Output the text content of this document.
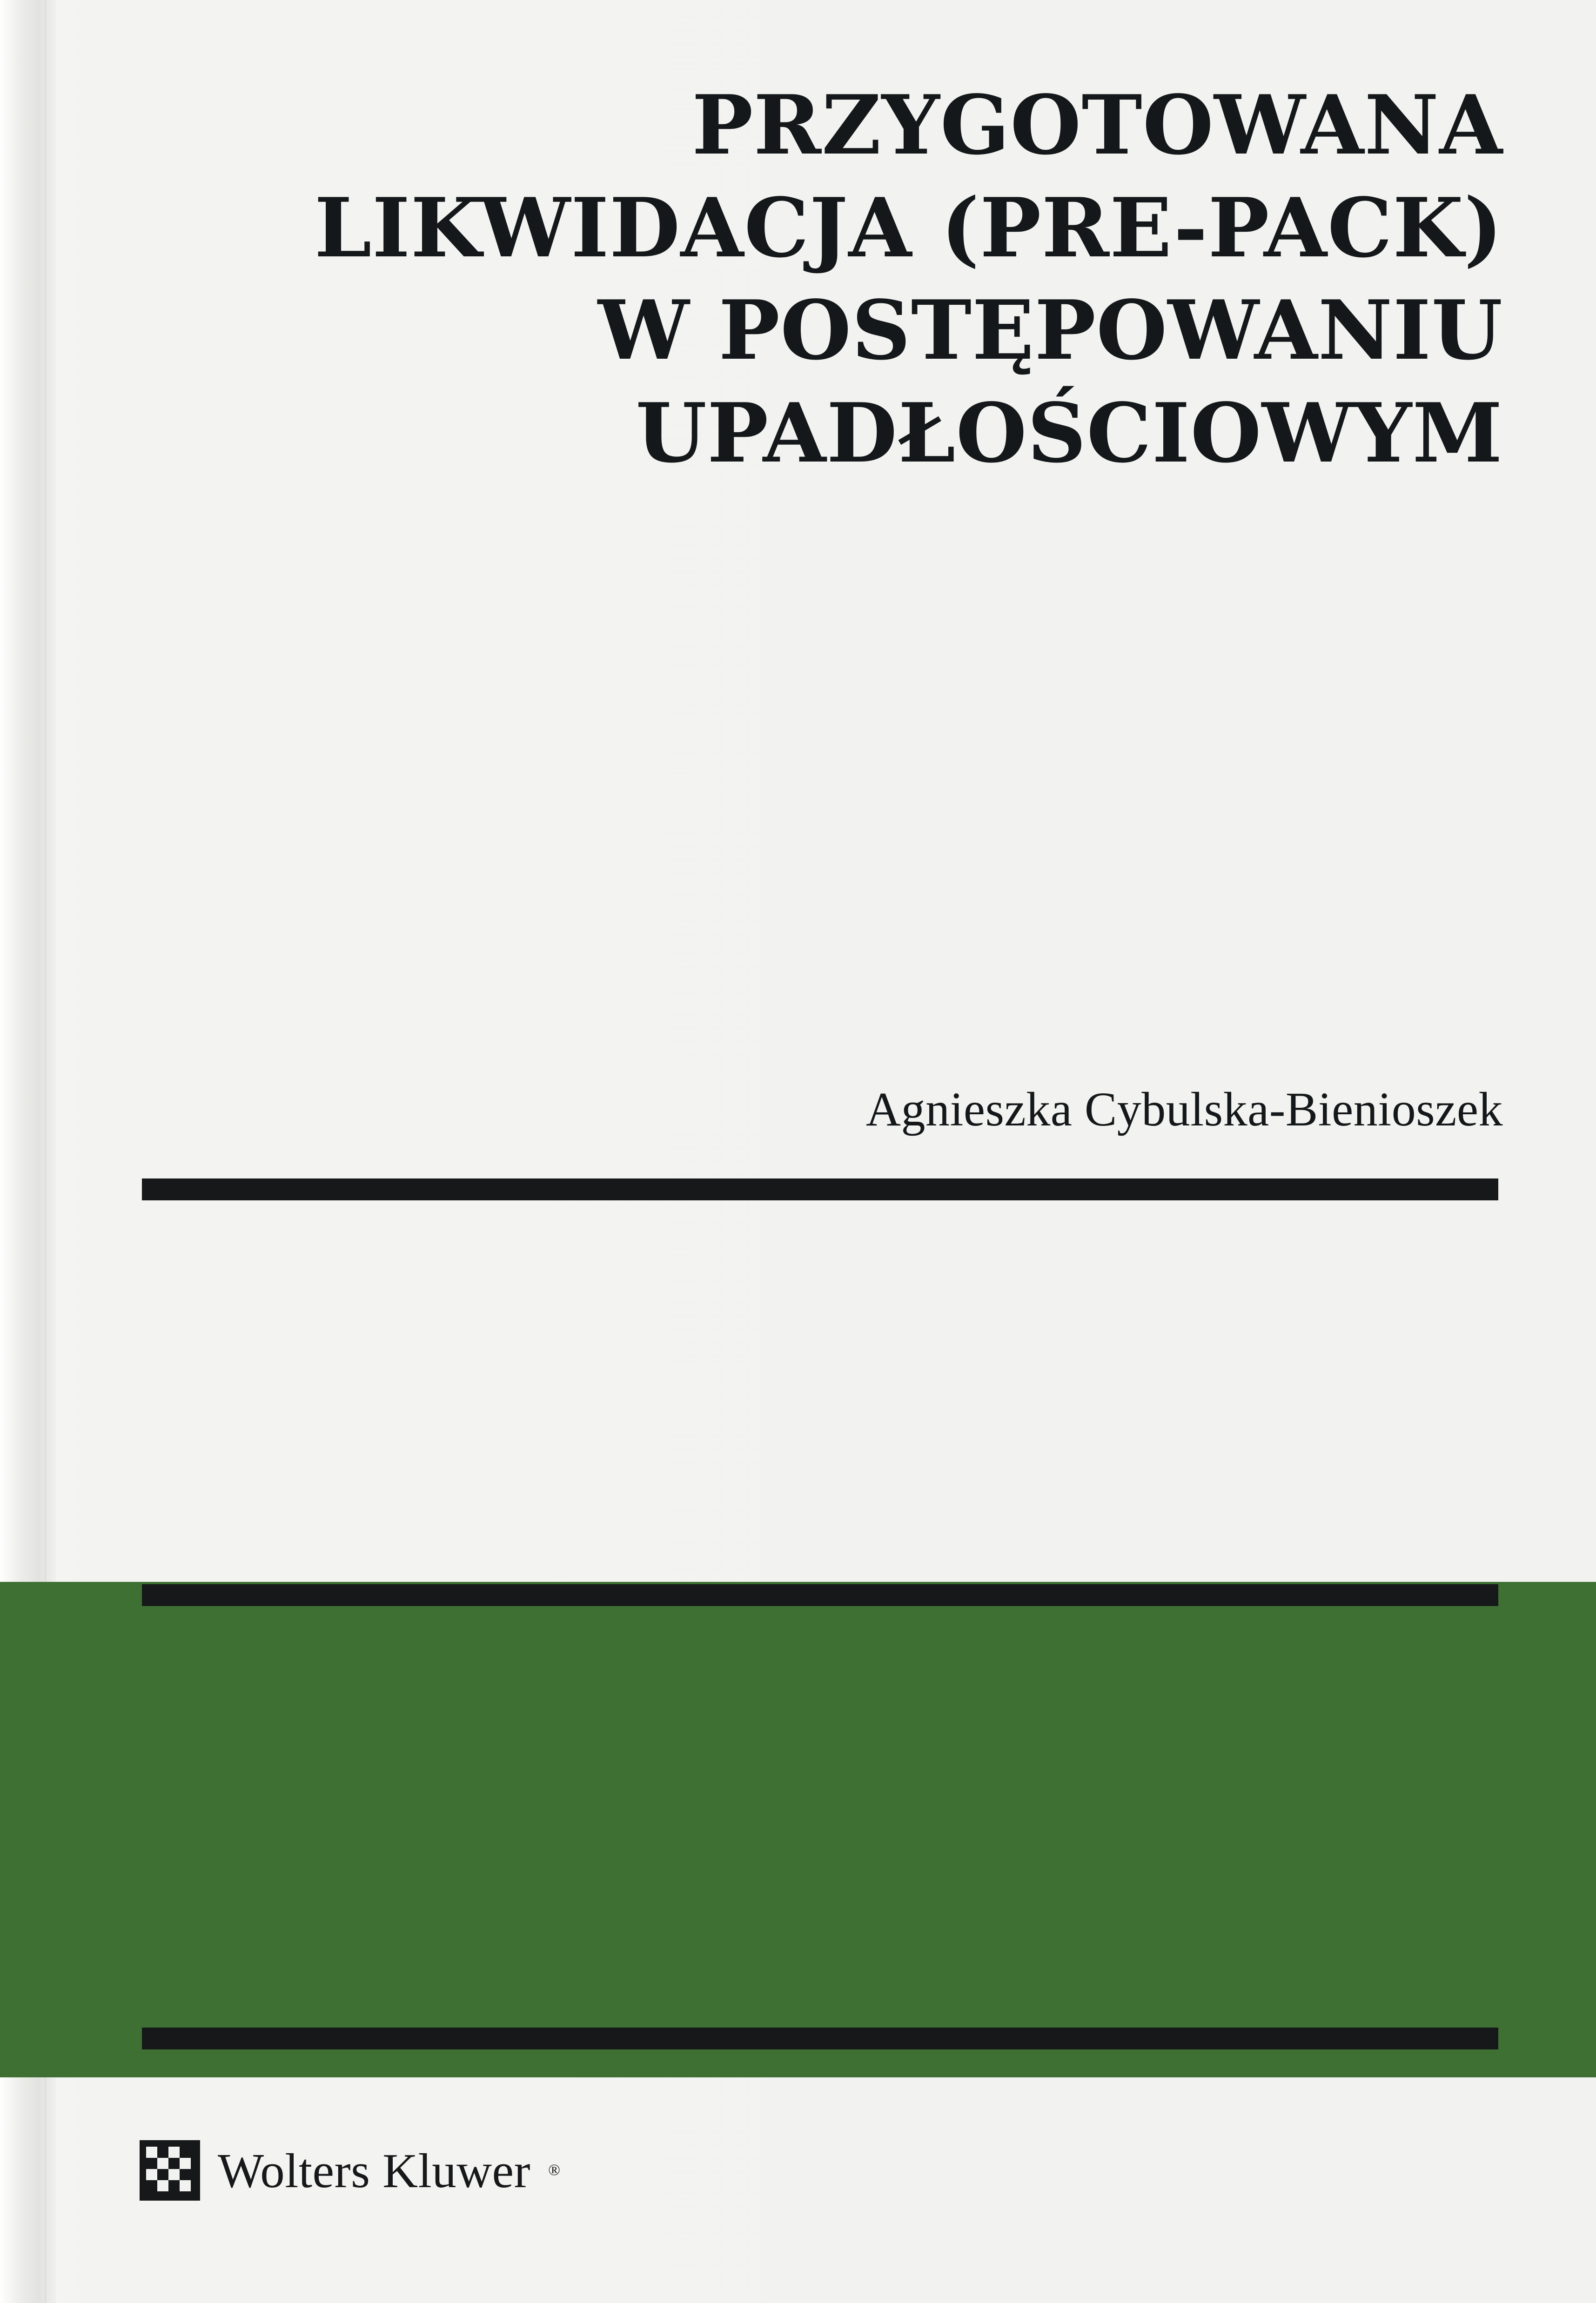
PRZYGOTOWANA
LIKWIDACJA (PRE-PACK)
W POSTĘPOWANIU
UPADŁOŚCIOWYM
Agnieszka Cybulska-Bienioszek
Wolters Kluwer ®
